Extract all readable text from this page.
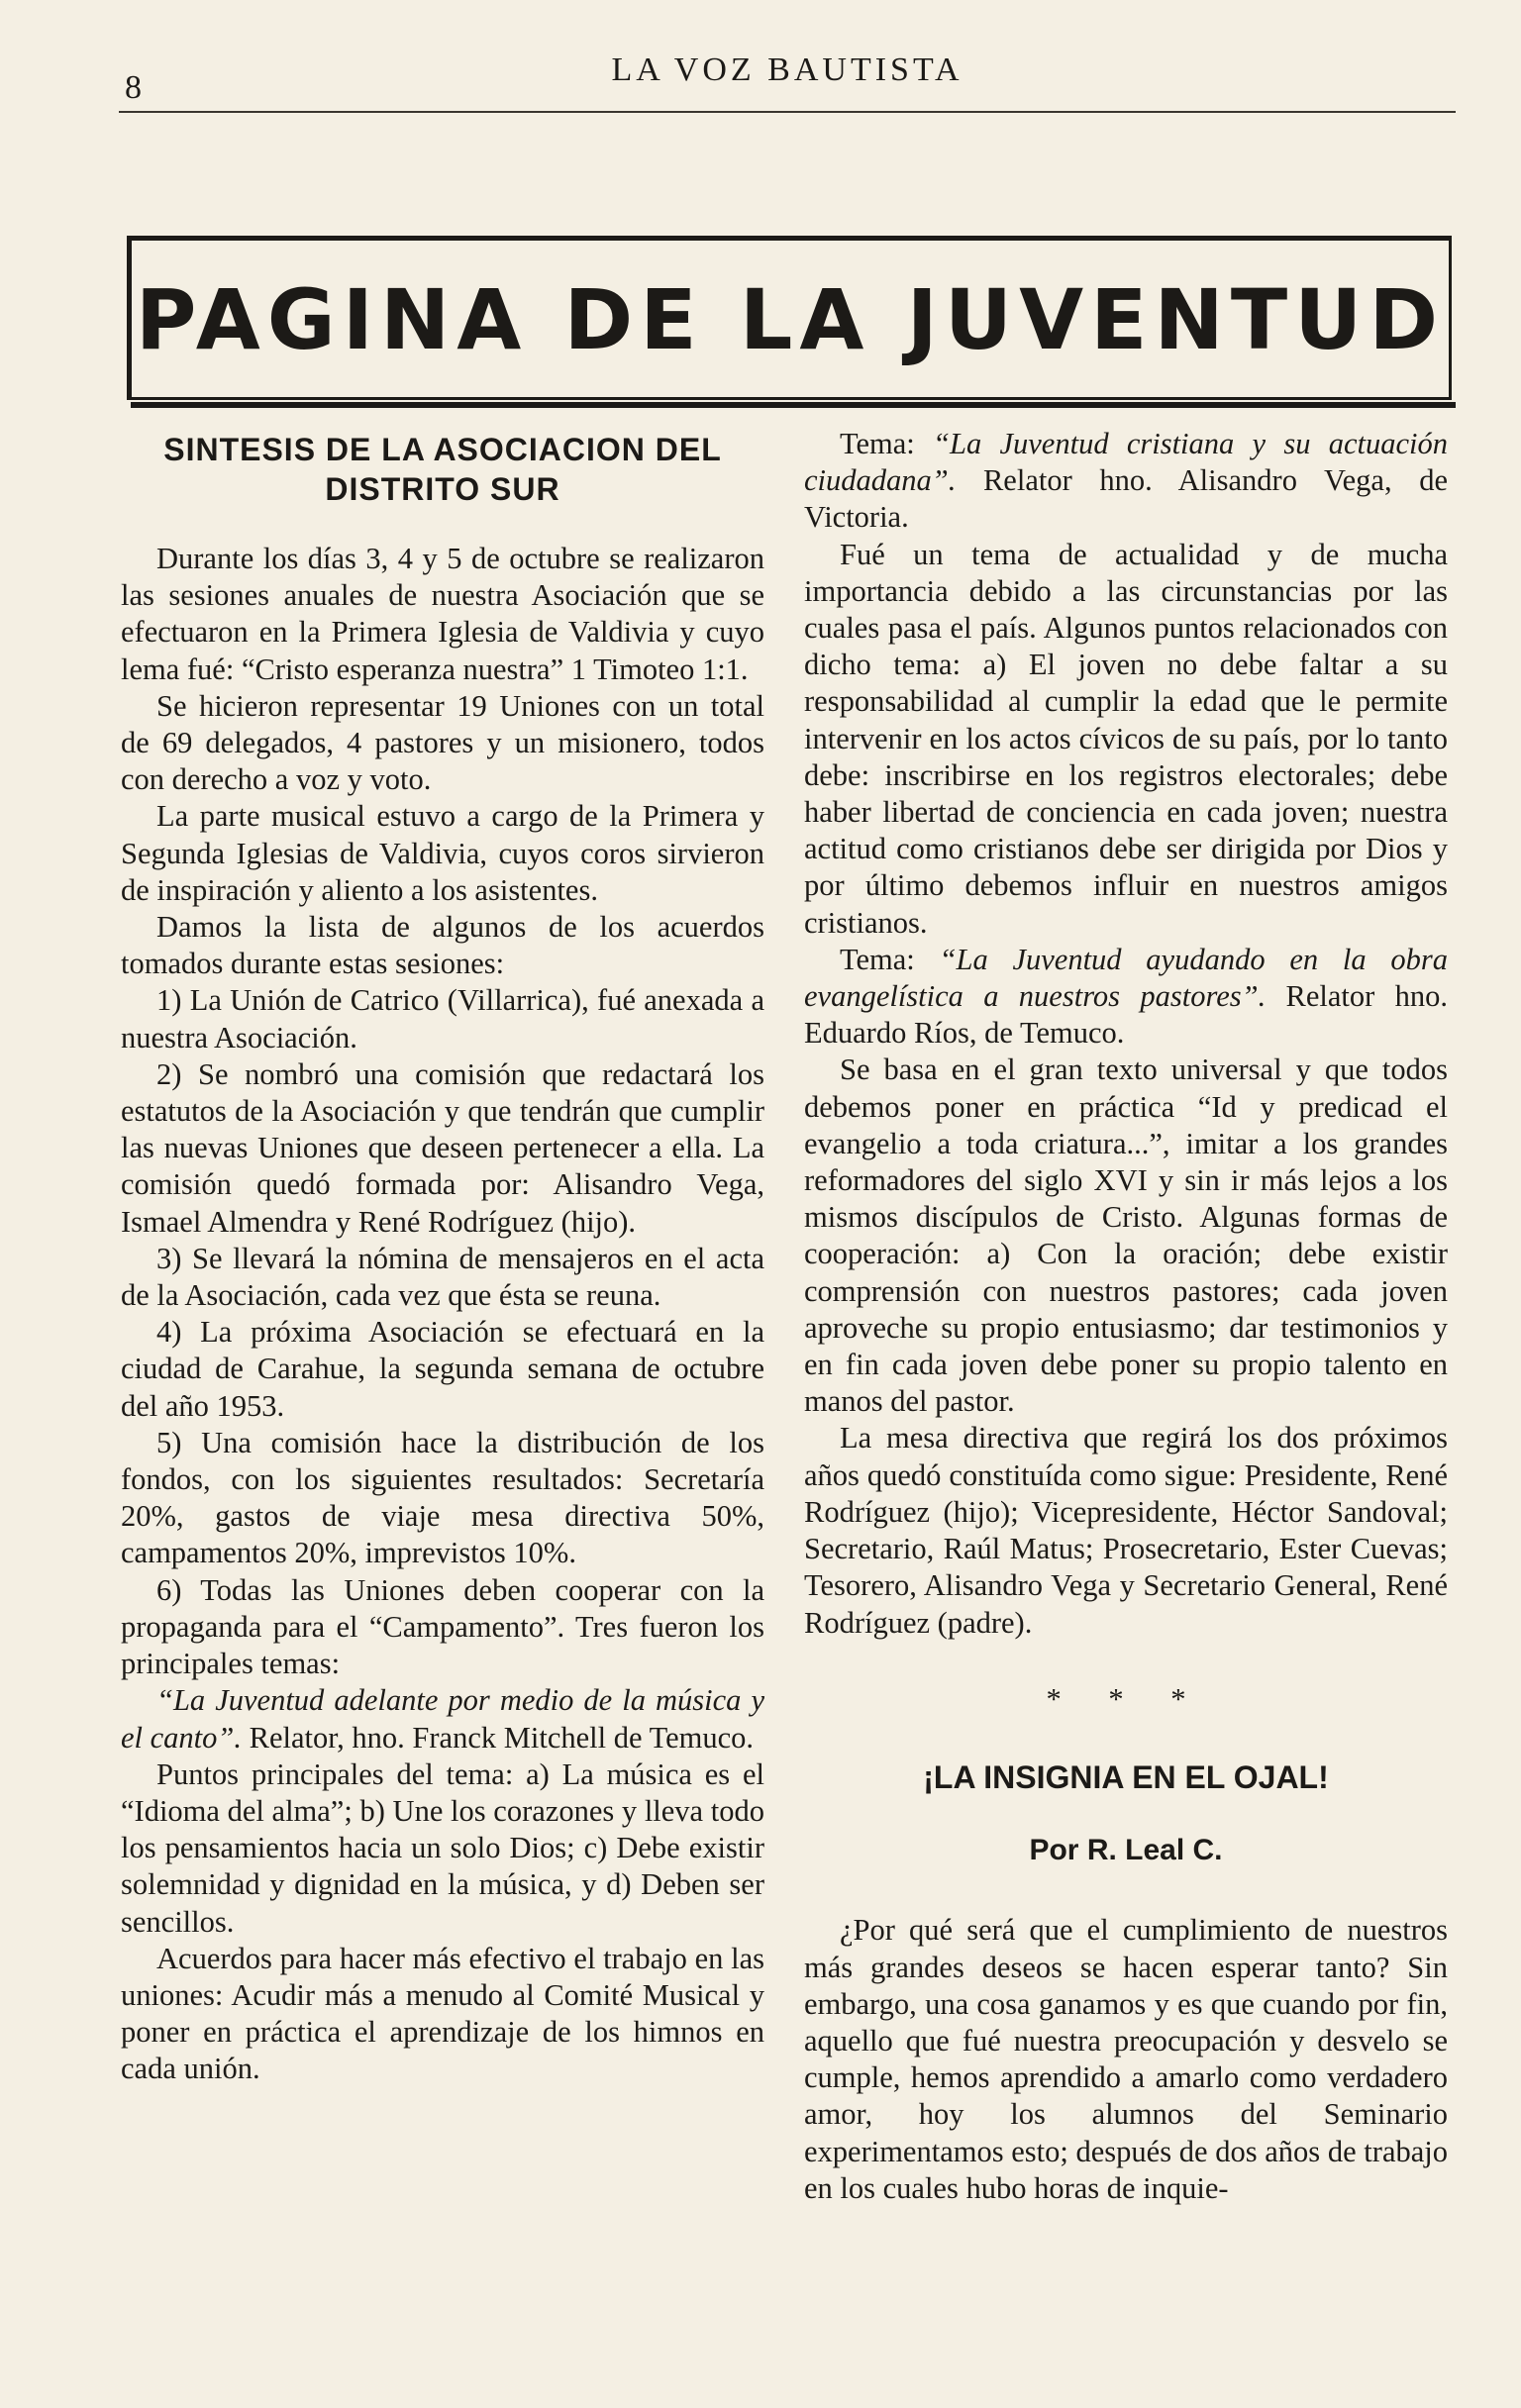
8	LA VOZ BAUTISTA
PAGINA DE LA JUVENTUD
SINTESIS DE LA ASOCIACION DEL DISTRITO SUR

Durante los días 3, 4 y 5 de octubre se realizaron las sesiones anuales de nuestra Asociación que se efectuaron en la Primera Iglesia de Valdivia y cuyo lema fué: “Cristo esperanza nuestra” 1 Timoteo 1:1.

Se hicieron representar 19 Uniones con un total de 69 delegados, 4 pastores y un misionero, todos con derecho a voz y voto.

La parte musical estuvo a cargo de la Primera y Segunda Iglesias de Valdivia, cuyos coros sirvieron de inspiración y aliento a los asistentes.

Damos la lista de algunos de los acuerdos tomados durante estas sesiones:

1) La Unión de Catrico (Villarrica), fué anexada a nuestra Asociación.

2) Se nombró una comisión que redactará los estatutos de la Asociación y que tendrán que cumplir las nuevas Uniones que deseen pertenecer a ella. La comisión quedó formada por: Alisandro Vega, Ismael Almendra y René Rodríguez (hijo).

3) Se llevará la nómina de mensajeros en el acta de la Asociación, cada vez que ésta se reuna.

4) La próxima Asociación se efectuará en la ciudad de Carahue, la segunda semana de octubre del año 1953.

5) Una comisión hace la distribución de los fondos, con los siguientes resultados: Secretaría 20%, gastos de viaje mesa directiva 50%, campamentos 20%, imprevistos 10%.

6) Todas las Uniones deben cooperar con la propaganda para el “Campamento”. Tres fueron los principales temas:

“La Juventud adelante por medio de la música y el canto”. Relator, hno. Franck Mitchell de Temuco.

Puntos principales del tema: a) La música es el “Idioma del alma”; b) Une los corazones y lleva todo los pensamientos hacia un solo Dios; c) Debe existir solemnidad y dignidad en la música, y d) Deben ser sencillos.

Acuerdos para hacer más efectivo el trabajo en las uniones: Acudir más a menudo al Comité Musical y poner en práctica el aprendizaje de los himnos en cada unión.

Tema: “La Juventud cristiana y su actuación ciudadana”. Relator hno. Alisandro Vega, de Victoria.

Fué un tema de actualidad y de mucha importancia debido a las circunstancias por las cuales pasa el país. Algunos puntos relacionados con dicho tema: a) El joven no debe faltar a su responsabilidad al cumplir la edad que le permite intervenir en los actos cívicos de su país, por lo tanto debe: inscribirse en los registros electorales; debe haber libertad de conciencia en cada joven; nuestra actitud como cristianos debe ser dirigida por Dios y por último debemos influir en nuestros amigos cristianos.

Tema: “La Juventud ayudando en la obra evangelística a nuestros pastores”. Relator hno. Eduardo Ríos, de Temuco.

Se basa en el gran texto universal y que todos debemos poner en práctica “Id y predicad el evangelio a toda criatura...”, imitar a los grandes reformadores del siglo XVI y sin ir más lejos a los mismos discípulos de Cristo. Algunas formas de cooperación: a) Con la oración; debe existir comprensión con nuestros pastores; cada joven aproveche su propio entusiasmo; dar testimonios y en fin cada joven debe poner su propio talento en manos del pastor.

La mesa directiva que regirá los dos próximos años quedó constituída como sigue: Presidente, René Rodríguez (hijo); Vicepresidente, Héctor Sandoval; Secretario, Raúl Matus; Prosecretario, Ester Cuevas; Tesorero, Alisandro Vega y Secretario General, René Rodríguez (padre).

* * *
¡LA INSIGNIA EN EL OJAL!
Por R. Leal C.

¿Por qué será que el cumplimiento de nuestros más grandes deseos se hacen esperar tanto? Sin embargo, una cosa ganamos y es que cuando por fin, aquello que fué nuestra preocupación y desvelo se cumple, hemos aprendido a amarlo como verdadero amor, hoy los alumnos del Seminario experimentamos esto; después de dos años de trabajo en los cuales hubo horas de inquie-
